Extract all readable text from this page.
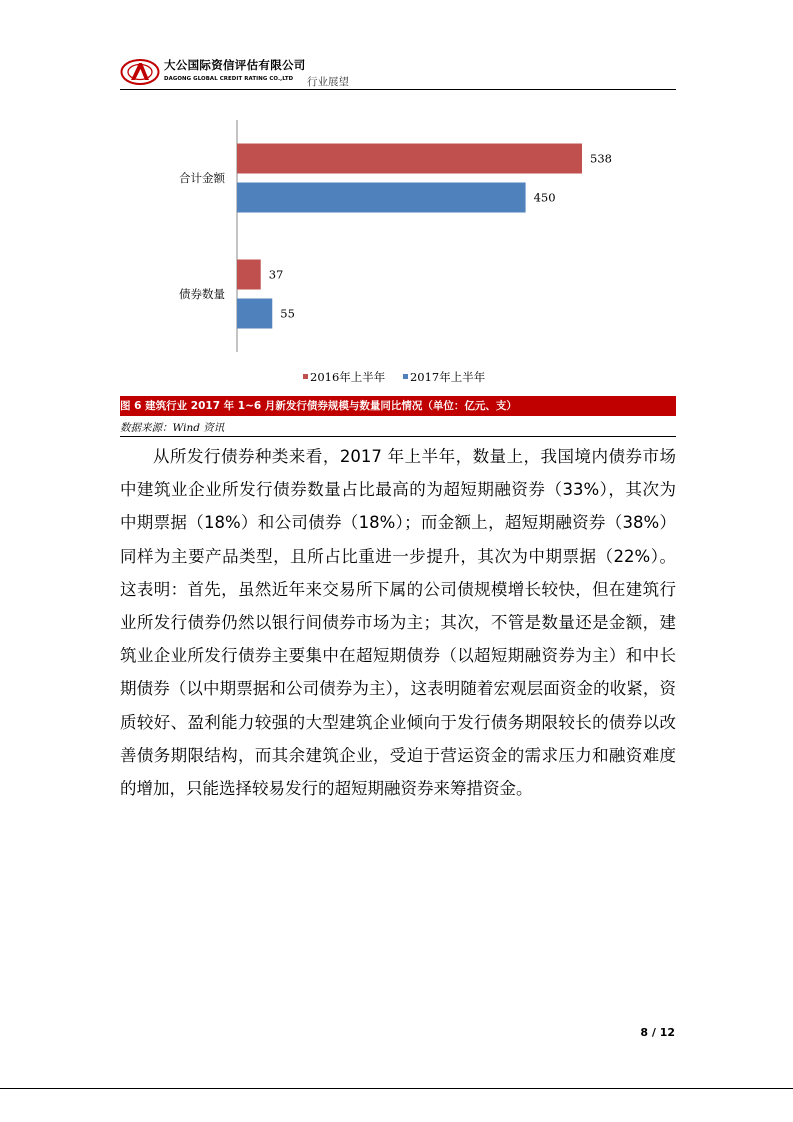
大公国际资信评估有限公司
DAGONG GLOBAL CREDIT RATING CO.,LTD 行业展望
合计金额
538
450
债券数量
37
55
2016年上半年
2017年上半年
图 6 建筑行业 2017 年 1~6 月新发行债券规模与数量同比情况（单位：亿元、支）
数据来源：Wind 资讯

从所发行债券种类来看，2017 年上半年，数量上，我国境内债券市场中建筑业企业所发行债券数量占比最高的为超短期融资券（33%），其次为中期票据（18%）和公司债券（18%）；而金额上，超短期融资券（38%）同样为主要产品类型，且所占比重进一步提升，其次为中期票据（22%）。这表明：首先，虽然近年来交易所下属的公司债规模增长较快，但在建筑行业所发行债券仍然以银行间债券市场为主；其次，不管是数量还是金额，建筑业企业所发行债券主要集中在超短期债券（以超短期融资券为主）和中长期债券（以中期票据和公司债券为主），这表明随着宏观层面资金的收紧，资质较好、盈利能力较强的大型建筑企业倾向于发行债务期限较长的债券以改善债务期限结构，而其余建筑企业，受迫于营运资金的需求压力和融资难度的增加，只能选择较易发行的超短期融资券来筹措资金。

8 / 12
